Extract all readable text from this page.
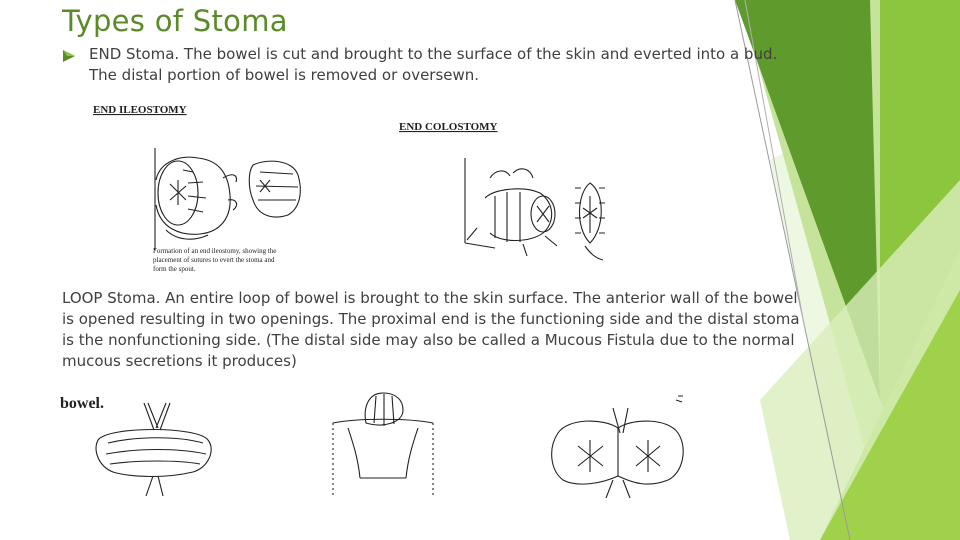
Types of Stoma
END Stoma. The bowel is cut and brought to the surface of the skin and everted into a bud. The distal portion of bowel is removed or oversewn.
END ILEOSTOMY
Formation of an end ileostomy, showing the
placement of sutures to evert the stoma and
form the spout.
END COLOSTOMY
LOOP Stoma. An entire loop of bowel is brought to the skin surface. The anterior wall of the bowel is opened resulting in two openings. The proximal end is the functioning side and the distal stoma is the nonfunctioning side. (The distal side may also be called a Mucous Fistula due to the normal mucous secretions it produces)
bowel.
